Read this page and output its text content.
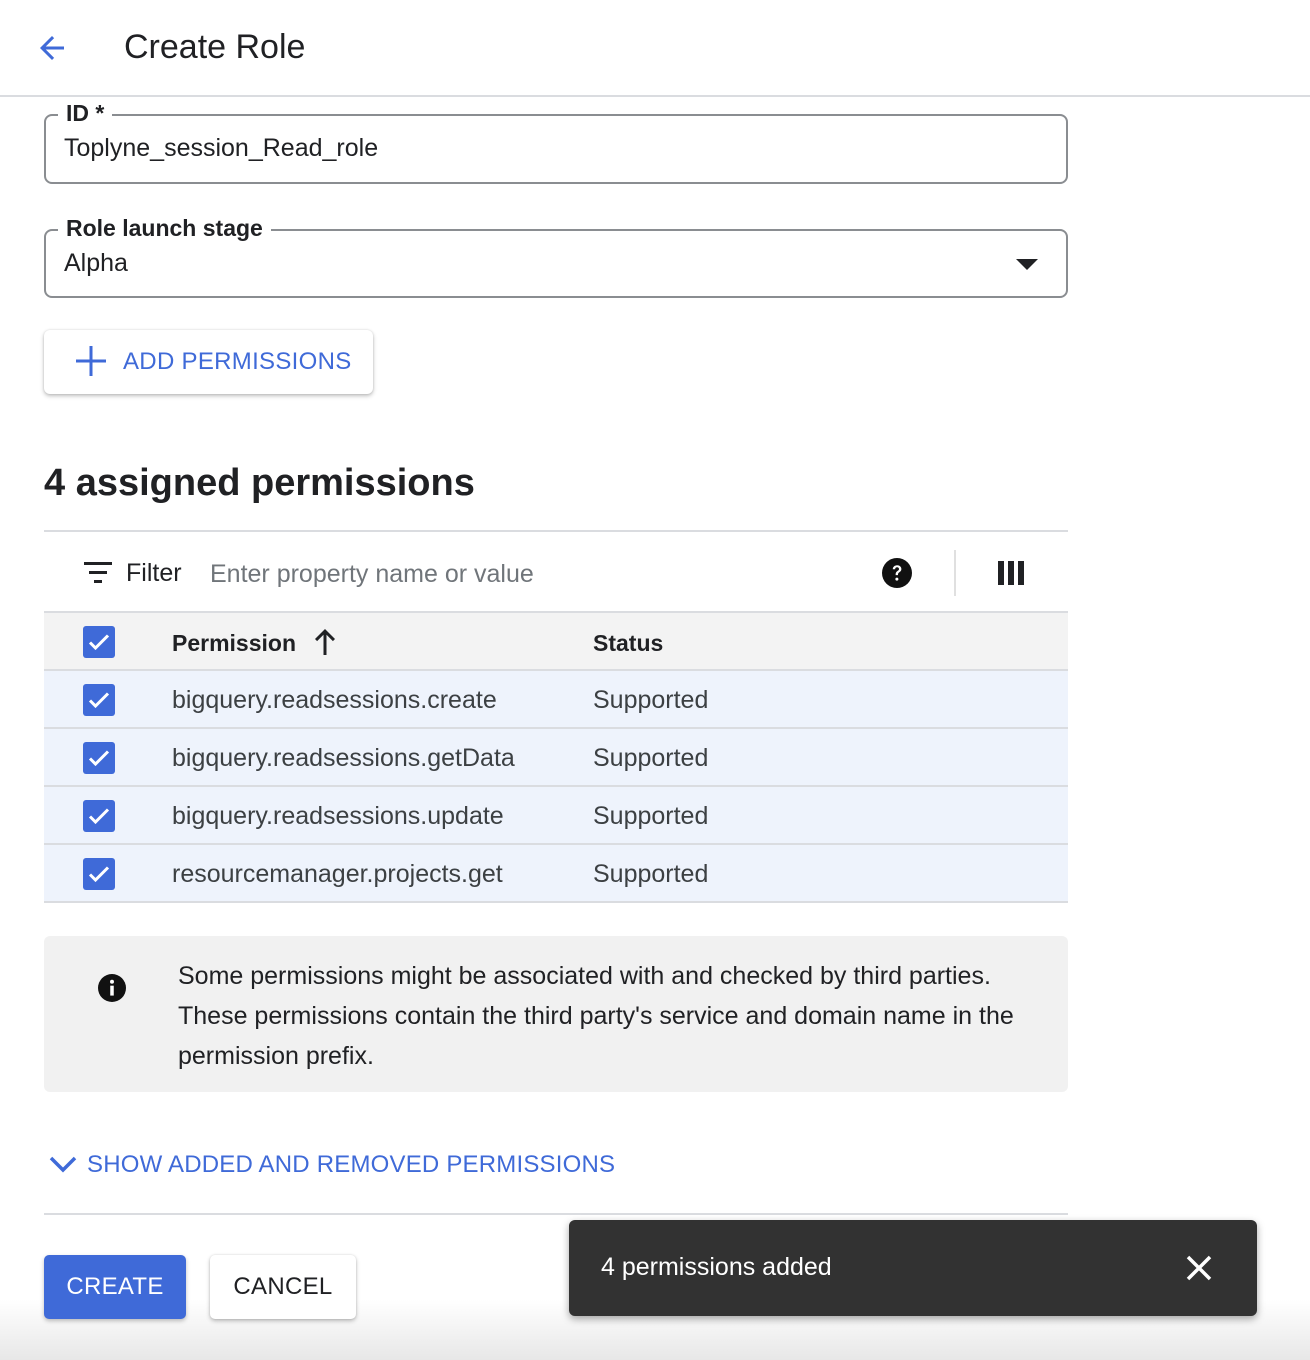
Create Role
ID *
Toplyne_session_Read_role
Role launch stage
Alpha
ADD PERMISSIONS
4 assigned permissions
Filter
Enter property name or value
Permission	Status
bigquery.readsessions.create	Supported
bigquery.readsessions.getData	Supported
bigquery.readsessions.update	Supported
resourcemanager.projects.get	Supported
Some permissions might be associated with and checked by third parties. These permissions contain the third party's service and domain name in the permission prefix.
SHOW ADDED AND REMOVED PERMISSIONS
CREATE	CANCEL
4 permissions added
